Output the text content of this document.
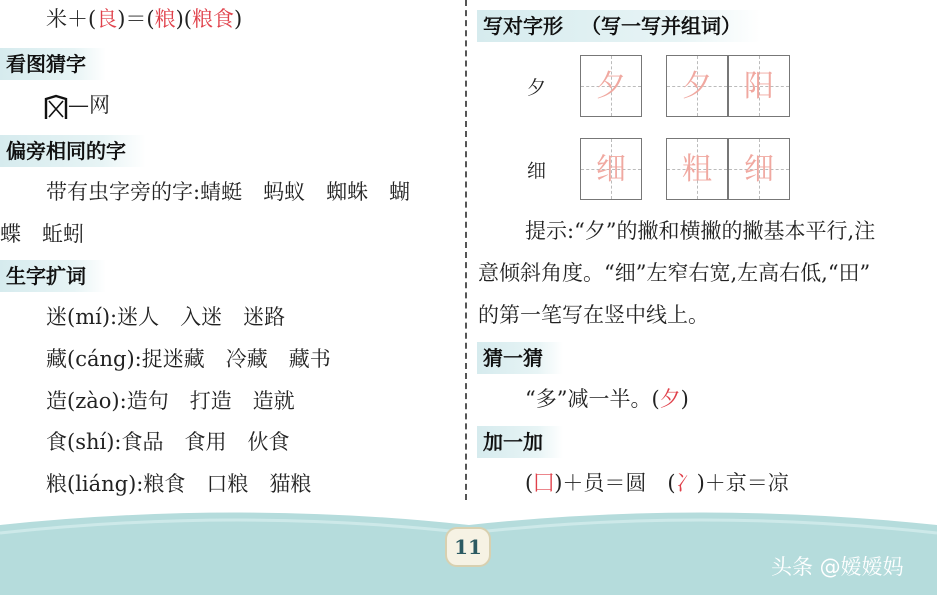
米＋(良)＝(粮)(粮食)
看图猜字
—网
偏旁相同的字
带有虫字旁的字:蜻蜓　蚂蚁　蜘蛛　蝴
蝶　蚯蚓
生字扩词
迷(mí):迷人　入迷　迷路
藏(cáng):捉迷藏　冷藏　藏书
造(zào):造句　打造　造就
食(shí):食品　食用　伙食
粮(liáng):粮食　口粮　猫粮
写对字形 （写一写并组词）
夕	夕	夕	阳
细	细	粗	细
提示:“夕”的撇和横撇的撇基本平行,注
意倾斜角度。“细”左窄右宽,左高右低,“田”
的第一笔写在竖中线上。
猜一猜
“多”减一半。(夕)
加一加
(囗)＋员＝圆　(冫)＋京＝凉
11
头条 @嫒嫒妈
